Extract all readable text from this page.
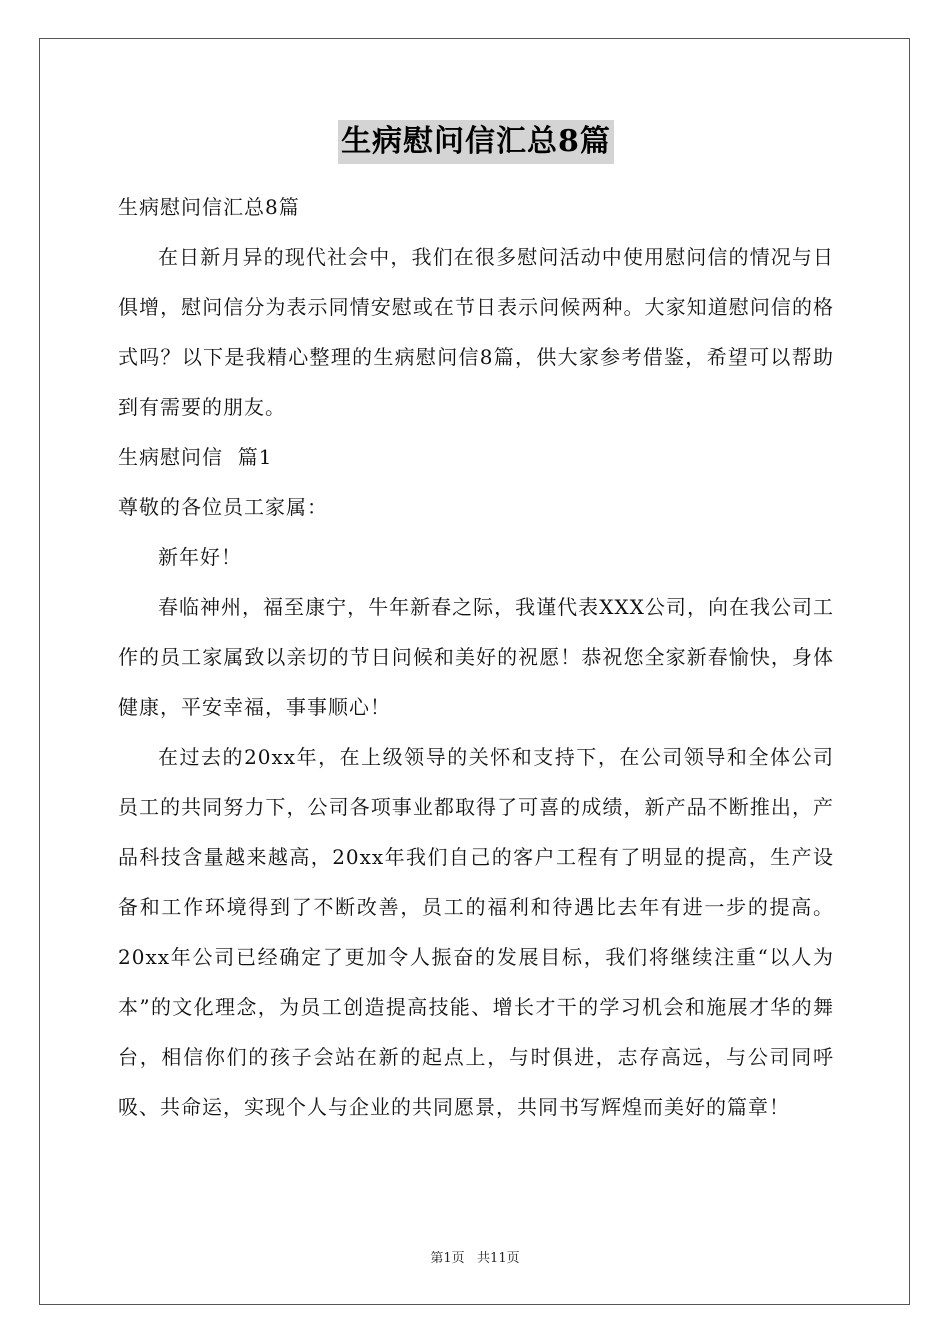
生病慰问信汇总8篇
生病慰问信汇总8篇
在日新月异的现代社会中，我们在很多慰问活动中使用慰问信的情况与日俱增，慰问信分为表示同情安慰或在节日表示问候两种。大家知道慰问信的格式吗？以下是我精心整理的生病慰问信8篇，供大家参考借鉴，希望可以帮助到有需要的朋友。
生病慰问信  篇1
尊敬的各位员工家属：
新年好！
春临神州，福至康宁，牛年新春之际，我谨代表XXX公司，向在我公司工作的员工家属致以亲切的节日问候和美好的祝愿！恭祝您全家新春愉快，身体健康，平安幸福，事事顺心！
在过去的20xx年，在上级领导的关怀和支持下，在公司领导和全体公司员工的共同努力下，公司各项事业都取得了可喜的成绩，新产品不断推出，产品科技含量越来越高，20xx年我们自己的客户工程有了明显的提高，生产设备和工作环境得到了不断改善，员工的福利和待遇比去年有进一步的提高。20xx年公司已经确定了更加令人振奋的发展目标，我们将继续注重“以人为本”的文化理念，为员工创造提高技能、增长才干的学习机会和施展才华的舞台，相信你们的孩子会站在新的起点上，与时俱进，志存高远，与公司同呼吸、共命运，实现个人与企业的共同愿景，共同书写辉煌而美好的篇章！
第1页   共11页
